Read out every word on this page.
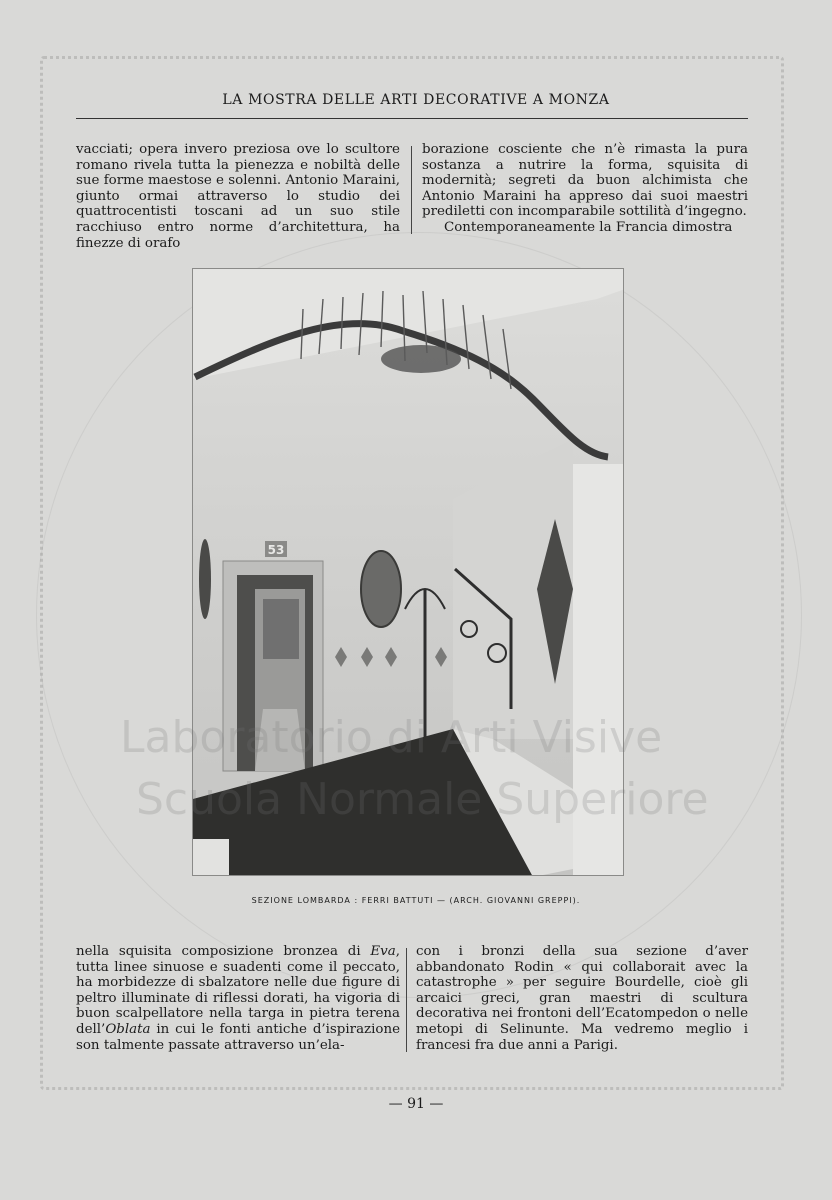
LA MOSTRA DELLE ARTI DECORATIVE A MONZA

vacciati; opera invero preziosa ove lo scultore romano rivela tutta la pienezza e nobiltà delle sue forme maestose e solenni. Antonio Maraini, giunto ormai attraverso lo studio dei quattrocentisti toscani ad un suo stile racchiuso entro norme d’architettura, ha finezze di orafo

borazione cosciente che n’è rimasta la pura sostanza a nutrire la forma, squisita di modernità; segreti da buon alchimista che Antonio Maraini ha appreso dai suoi maestri prediletti con incomparabile sottilità d’ingegno.

Contemporaneamente la Francia dimostra

53
SEZIONE LOMBARDA : FERRI BATTUTI — (ARCH. GIOVANNI GREPPI).

nella squisita composizione bronzea di Eva, tutta linee sinuose e suadenti come il peccato, ha morbidezze di sbalzatore nelle due figure di peltro illuminate di riflessi dorati, ha vigoria di buon scalpellatore nella targa in pietra terena dell’Oblata in cui le fonti antiche d’ispirazione son talmente passate attraverso un’ela-

con i bronzi della sua sezione d’aver abbandonato Rodin « qui collaborait avec la catastrophe » per seguire Bourdelle, cioè gli arcaici greci, gran maestri di scultura decorativa nei frontoni dell’Ecatompedon o nelle metopi di Selinunte. Ma vedremo meglio i francesi fra due anni a Parigi.

Laboratorio di Arti Visive
Scuola Normale Superiore
— 91 —
